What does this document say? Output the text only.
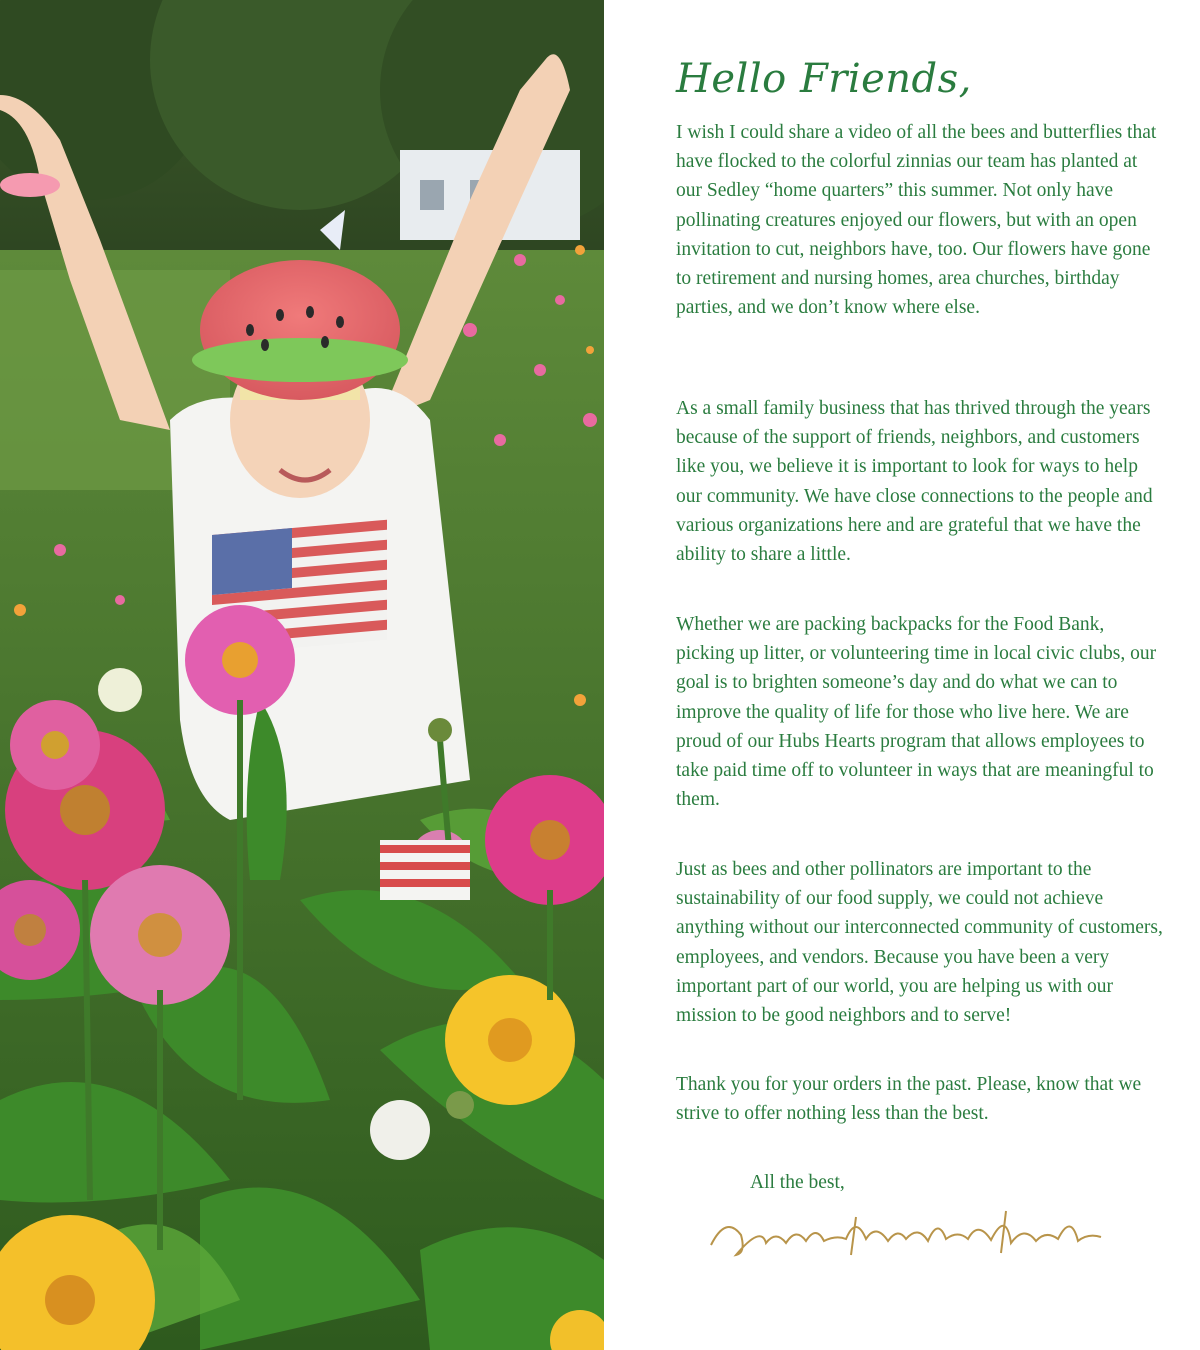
Hello Friends,

I wish I could share a video of all the bees and butterflies that have flocked to the colorful zinnias our team has planted at our Sedley “home quarters” this summer. Not only have pollinating creatures enjoyed our flowers, but with an open invitation to cut, neighbors have, too. Our flowers have gone to retirement and nursing homes, area churches, birthday parties, and we don’t know where else.

As a small family business that has thrived through the years because of the support of friends, neighbors, and customers like you, we believe it is important to look for ways to help our community. We have close connections to the people and various organizations here and are grateful that we have the ability to share a little.

Whether we are packing backpacks for the Food Bank, picking up litter, or volunteering time in local civic clubs, our goal is to brighten someone’s day and do what we can to improve the quality of life for those who live here. We are proud of our Hubs Hearts program that allows employees to take paid time off to volunteer in ways that are meaningful to them.

Just as bees and other pollinators are important to the sustainability of our food supply, we could not achieve anything without our interconnected community of customers, employees, and vendors. Because you have been a very important part of our world, you are helping us with our mission to be good neighbors and to serve!

Thank you for your orders in the past. Please, know that we strive to offer nothing less than the best.

All the best,
